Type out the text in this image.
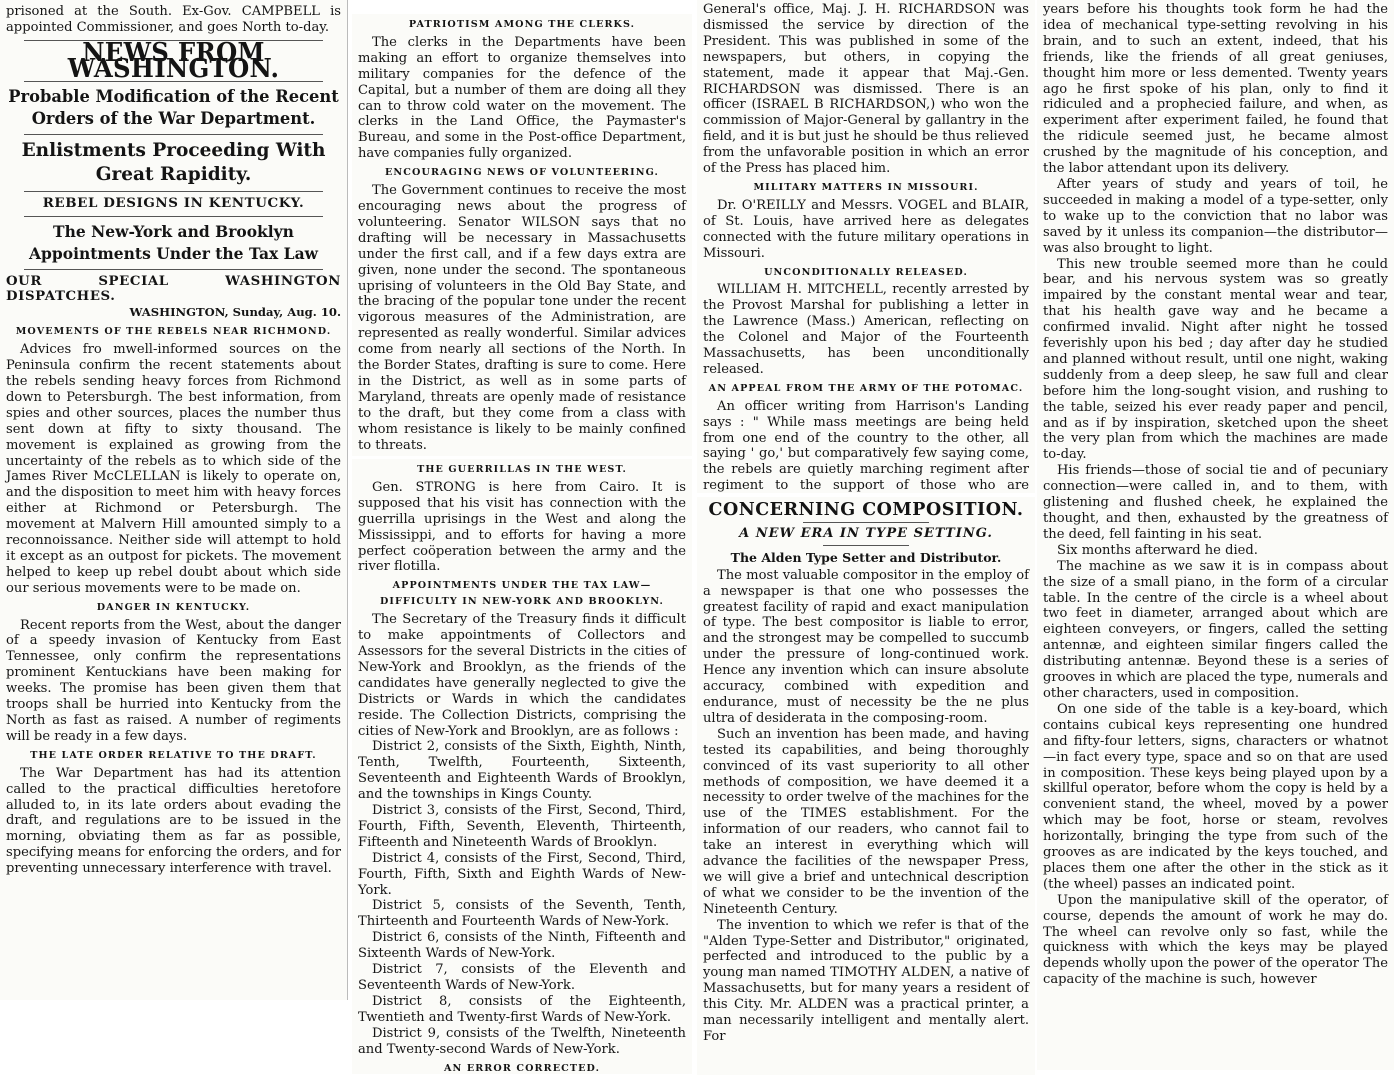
prisoned at the South. Ex-Gov. CAMPBELL is appointed Commissioner, and goes North to-day.

NEWS FROM WASHINGTON.
Probable Modification of the Recent Orders of the War Department.
Enlistments Proceeding With Great Rapidity.
REBEL DESIGNS IN KENTUCKY.
The New-York and Brooklyn Appointments Under the Tax Law
OUR SPECIAL WASHINGTON DISPATCHES.
WASHINGTON, Sunday, Aug. 10.
MOVEMENTS OF THE REBELS NEAR RICHMOND.

Advices fro mwell-informed sources on the Peninsula confirm the recent statements about the rebels sending heavy forces from Richmond down to Petersburgh. The best information, from spies and other sources, places the number thus sent down at fifty to sixty thousand. The movement is explained as growing from the uncertainty of the rebels as to which side of the James River McCLELLAN is likely to operate on, and the disposition to meet him with heavy forces either at Richmond or Petersburgh. The movement at Malvern Hill amounted simply to a reconnoissance. Neither side will attempt to hold it except as an outpost for pickets. The movement helped to keep up rebel doubt about which side our serious movements were to be made on.

DANGER IN KENTUCKY.

Recent reports from the West, about the danger of a speedy invasion of Kentucky from East Tennessee, only confirm the representations prominent Kentuckians have been making for weeks. The promise has been given them that troops shall be hurried into Kentucky from the North as fast as raised. A number of regiments will be ready in a few days.

THE LATE ORDER RELATIVE TO THE DRAFT.

The War Department has had its attention called to the practical difficulties heretofore alluded to, in its late orders about evading the draft, and regulations are to be issued in the morning, obviating them as far as possible, specifying means for enforcing the orders, and for preventing unnecessary interference with travel.

PATRIOTISM AMONG THE CLERKS.

The clerks in the Departments have been making an effort to organize themselves into military companies for the defence of the Capital, but a number of them are doing all they can to throw cold water on the movement. The clerks in the Land Office, the Paymaster's Bureau, and some in the Post-office Department, have companies fully organized.

ENCOURAGING NEWS OF VOLUNTEERING.

The Government continues to receive the most encouraging news about the progress of volunteering. Senator WILSON says that no drafting will be necessary in Massachusetts under the first call, and if a few days extra are given, none under the second. The spontaneous uprising of volunteers in the Old Bay State, and the bracing of the popular tone under the recent vigorous measures of the Administration, are represented as really wonderful. Similar advices come from nearly all sections of the North. In the Border States, drafting is sure to come. Here in the District, as well as in some parts of Maryland, threats are openly made of resistance to the draft, but they come from a class with whom resistance is likely to be mainly confined to threats.

THE GUERRILLAS IN THE WEST.

Gen. STRONG is here from Cairo. It is supposed that his visit has connection with the guerrilla uprisings in the West and along the Mississippi, and to efforts for having a more perfect coöperation between the army and the river flotilla.

APPOINTMENTS UNDER THE TAX LAW—DIFFICULTY IN NEW-YORK AND BROOKLYN.

The Secretary of the Treasury finds it difficult to make appointments of Collectors and Assessors for the several Districts in the cities of New-York and Brooklyn, as the friends of the candidates have generally neglected to give the Districts or Wards in which the candidates reside. The Collection Districts, comprising the cities of New-York and Brooklyn, are as follows :

District 2, consists of the Sixth, Eighth, Ninth, Tenth, Twelfth, Fourteenth, Sixteenth, Seventeenth and Eighteenth Wards of Brooklyn, and the townships in Kings County.

District 3, consists of the First, Second, Third, Fourth, Fifth, Seventh, Eleventh, Thirteenth, Fifteenth and Nineteenth Wards of Brooklyn.

District 4, consists of the First, Second, Third, Fourth, Fifth, Sixth and Eighth Wards of New-York.

District 5, consists of the Seventh, Tenth, Thirteenth and Fourteenth Wards of New-York.

District 6, consists of the Ninth, Fifteenth and Sixteenth Wards of New-York.

District 7, consists of the Eleventh and Seventeenth Wards of New-York.

District 8, consists of the Eighteenth, Twentieth and Twenty-first Wards of New-York.

District 9, consists of the Twelfth, Nineteenth and Twenty-second Wards of New-York.

AN ERROR CORRECTED.

General's office, Maj. J. H. RICHARDSON was dismissed the service by direction of the President. This was published in some of the newspapers, but others, in copying the statement, made it appear that Maj.-Gen. RICHARDSON was dismissed. There is an officer (ISRAEL B RICHARDSON,) who won the commission of Major-General by gallantry in the field, and it is but just he should be thus relieved from the unfavorable position in which an error of the Press has placed him.

MILITARY MATTERS IN MISSOURI.

Dr. O'REILLY and Messrs. VOGEL and BLAIR, of St. Louis, have arrived here as delegates connected with the future military operations in Missouri.

UNCONDITIONALLY RELEASED.

WILLIAM H. MITCHELL, recently arrested by the Provost Marshal for publishing a letter in the Lawrence (Mass.) American, reflecting on the Colonel and Major of the Fourteenth Massachusetts, has been unconditionally released.

AN APPEAL FROM THE ARMY OF THE POTOMAC.

An officer writing from Harrison's Landing says : " While mass meetings are being held from one end of the country to the other, all saying ' go,' but comparatively few saying come, the rebels are quietly marching regiment after regiment to the support of those who are

CONCERNING COMPOSITION.
A NEW ERA IN TYPE SETTING.
The Alden Type Setter and Distributor.

The most valuable compositor in the employ of a newspaper is that one who possesses the greatest facility of rapid and exact manipulation of type. The best compositor is liable to error, and the strongest may be compelled to succumb under the pressure of long-continued work. Hence any invention which can insure absolute accuracy, combined with expedition and endurance, must of necessity be the ne plus ultra of desiderata in the composing-room.

Such an invention has been made, and having tested its capabilities, and being thoroughly convinced of its vast superiority to all other methods of composition, we have deemed it a necessity to order twelve of the machines for the use of the TIMES establishment. For the information of our readers, who cannot fail to take an interest in everything which will advance the facilities of the newspaper Press, we will give a brief and untechnical description of what we consider to be the invention of the Nineteenth Century.

The invention to which we refer is that of the "Alden Type-Setter and Distributor," originated, perfected and introduced to the public by a young man named TIMOTHY ALDEN, a native of Massachusetts, but for many years a resident of this City. Mr. ALDEN was a practical printer, a man necessarily intelligent and mentally alert. For

years before his thoughts took form he had the idea of mechanical type-setting revolving in his brain, and to such an extent, indeed, that his friends, like the friends of all great geniuses, thought him more or less demented. Twenty years ago he first spoke of his plan, only to find it ridiculed and a prophecied failure, and when, as experiment after experiment failed, he found that the ridicule seemed just, he became almost crushed by the magnitude of his conception, and the labor attendant upon its delivery.

After years of study and years of toil, he succeeded in making a model of a type-setter, only to wake up to the conviction that no labor was saved by it unless its companion—the distributor—was also brought to light.

This new trouble seemed more than he could bear, and his nervous system was so greatly impaired by the constant mental wear and tear, that his health gave way and he became a confirmed invalid. Night after night he tossed feverishly upon his bed ; day after day he studied and planned without result, until one night, waking suddenly from a deep sleep, he saw full and clear before him the long-sought vision, and rushing to the table, seized his ever ready paper and pencil, and as if by inspiration, sketched upon the sheet the very plan from which the machines are made to-day.

His friends—those of social tie and of pecuniary connection—were called in, and to them, with glistening and flushed cheek, he explained the thought, and then, exhausted by the greatness of the deed, fell fainting in his seat.

Six months afterward he died.

The machine as we saw it is in compass about the size of a small piano, in the form of a circular table. In the centre of the circle is a wheel about two feet in diameter, arranged about which are eighteen conveyers, or fingers, called the setting antennæ, and eighteen similar fingers called the distributing antennæ. Beyond these is a series of grooves in which are placed the type, numerals and other characters, used in composition.

On one side of the table is a key-board, which contains cubical keys representing one hundred and fifty-four letters, signs, characters or whatnot—in fact every type, space and so on that are used in composition. These keys being played upon by a skillful operator, before whom the copy is held by a convenient stand, the wheel, moved by a power which may be foot, horse or steam, revolves horizontally, bringing the type from such of the grooves as are indicated by the keys touched, and places them one after the other in the stick as it (the wheel) passes an indicated point.

Upon the manipulative skill of the operator, of course, depends the amount of work he may do. The wheel can revolve only so fast, while the quickness with which the keys may be played depends wholly upon the power of the operator The capacity of the machine is such, however
